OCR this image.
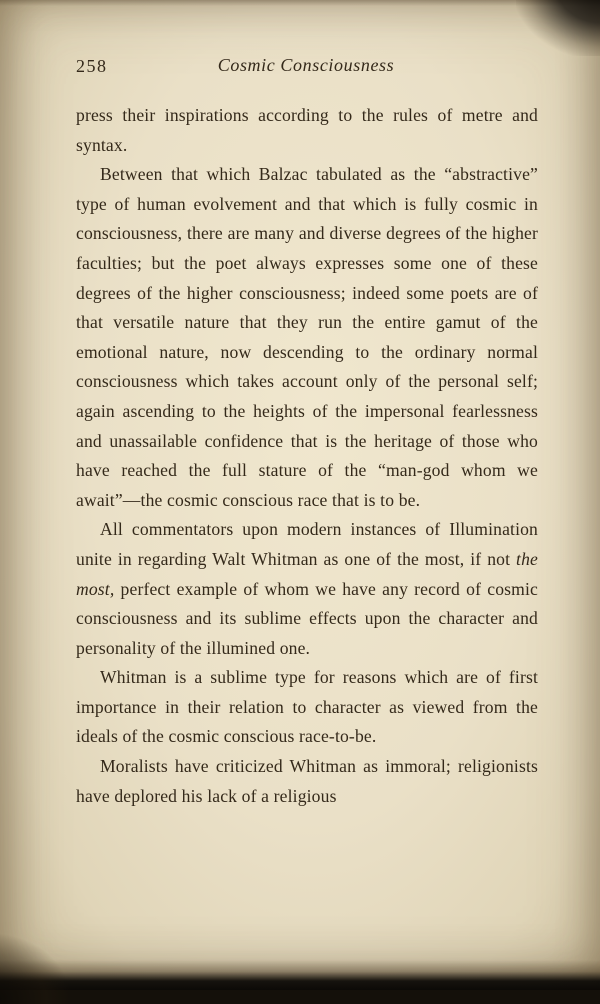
258	Cosmic Consciousness

press their inspirations according to the rules of metre and syntax.

Between that which Balzac tabulated as the “abstractive” type of human evolvement and that which is fully cosmic in consciousness, there are many and diverse degrees of the higher faculties; but the poet always expresses some one of these degrees of the higher consciousness; indeed some poets are of that versatile nature that they run the entire gamut of the emotional nature, now descending to the ordinary normal consciousness which takes account only of the personal self; again ascending to the heights of the impersonal fearlessness and unassailable confidence that is the heritage of those who have reached the full stature of the “man-god whom we await”—the cosmic conscious race that is to be.

All commentators upon modern instances of Illumination unite in regarding Walt Whitman as one of the most, if not the most, perfect example of whom we have any record of cosmic consciousness and its sublime effects upon the character and personality of the illumined one.

Whitman is a sublime type for reasons which are of first importance in their relation to character as viewed from the ideals of the cosmic conscious race-to-be.

Moralists have criticized Whitman as immoral; religionists have deplored his lack of a religious
